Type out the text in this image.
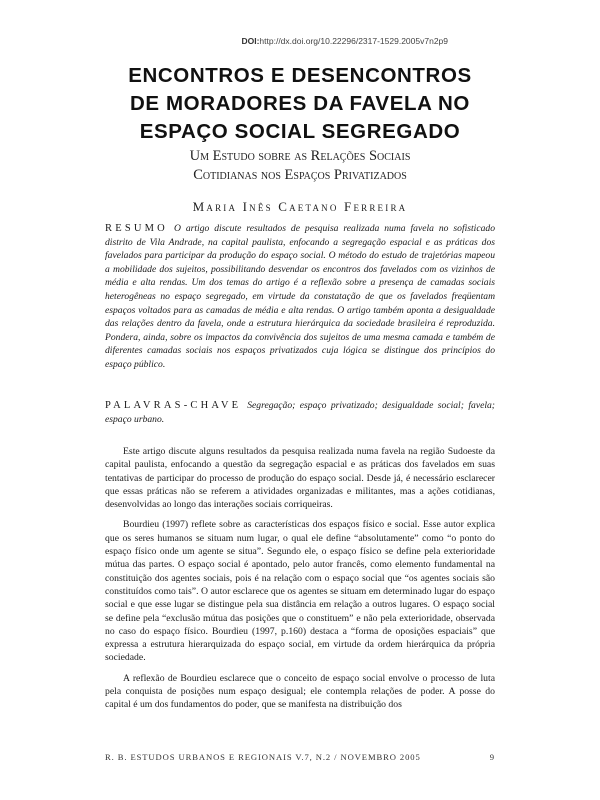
DOI:http://dx.doi.org/10.22296/2317-1529.2005v7n2p9
ENCONTROS E DESENCONTROS DE MORADORES DA FAVELA NO ESPAÇO SOCIAL SEGREGADO
Um Estudo sobre as Relações Sociais
Cotidianas nos Espaços Privatizados
Maria Inês Caetano Ferreira
RESUMO O artigo discute resultados de pesquisa realizada numa favela no sofisticado distrito de Vila Andrade, na capital paulista, enfocando a segregação espacial e as práticas dos favelados para participar da produção do espaço social. O método do estudo de trajetórias mapeou a mobilidade dos sujeitos, possibilitando desvendar os encontros dos favelados com os vizinhos de média e alta rendas. Um dos temas do artigo é a reflexão sobre a presença de camadas sociais heterogêneas no espaço segregado, em virtude da constatação de que os favelados freqüentam espaços voltados para as camadas de média e alta rendas. O artigo também aponta a desigualdade das relações dentro da favela, onde a estrutura hierárquica da sociedade brasileira é reproduzida. Pondera, ainda, sobre os impactos da convivência dos sujeitos de uma mesma camada e também de diferentes camadas sociais nos espaços privatizados cuja lógica se distingue dos princípios do espaço público.
PALAVRAS-CHAVE Segregação; espaço privatizado; desigualdade social; favela; espaço urbano.

Este artigo discute alguns resultados da pesquisa realizada numa favela na região Sudoeste da capital paulista, enfocando a questão da segregação espacial e as práticas dos favelados em suas tentativas de participar do processo de produção do espaço social. Desde já, é necessário esclarecer que essas práticas não se referem a atividades organizadas e militantes, mas a ações cotidianas, desenvolvidas ao longo das interações sociais corriqueiras.

Bourdieu (1997) reflete sobre as características dos espaços físico e social. Esse autor explica que os seres humanos se situam num lugar, o qual ele define “absolutamente” como “o ponto do espaço físico onde um agente se situa”. Segundo ele, o espaço físico se define pela exterioridade mútua das partes. O espaço social é apontado, pelo autor francês, como elemento fundamental na constituição dos agentes sociais, pois é na relação com o espaço social que “os agentes sociais são constituídos como tais”. O autor esclarece que os agentes se situam em determinado lugar do espaço social e que esse lugar se distingue pela sua distância em relação a outros lugares. O espaço social se define pela “exclusão mútua das posições que o constituem” e não pela exterioridade, observada no caso do espaço físico. Bourdieu (1997, p.160) destaca a “forma de oposições espaciais” que expressa a estrutura hierarquizada do espaço social, em virtude da ordem hierárquica da própria sociedade.

A reflexão de Bourdieu esclarece que o conceito de espaço social envolve o processo de luta pela conquista de posições num espaço desigual; ele contempla relações de poder. A posse do capital é um dos fundamentos do poder, que se manifesta na distribuição dos

R. B. ESTUDOS URBANOS E REGIONAIS V.7, N.2 / NOVEMBRO 2005	9
